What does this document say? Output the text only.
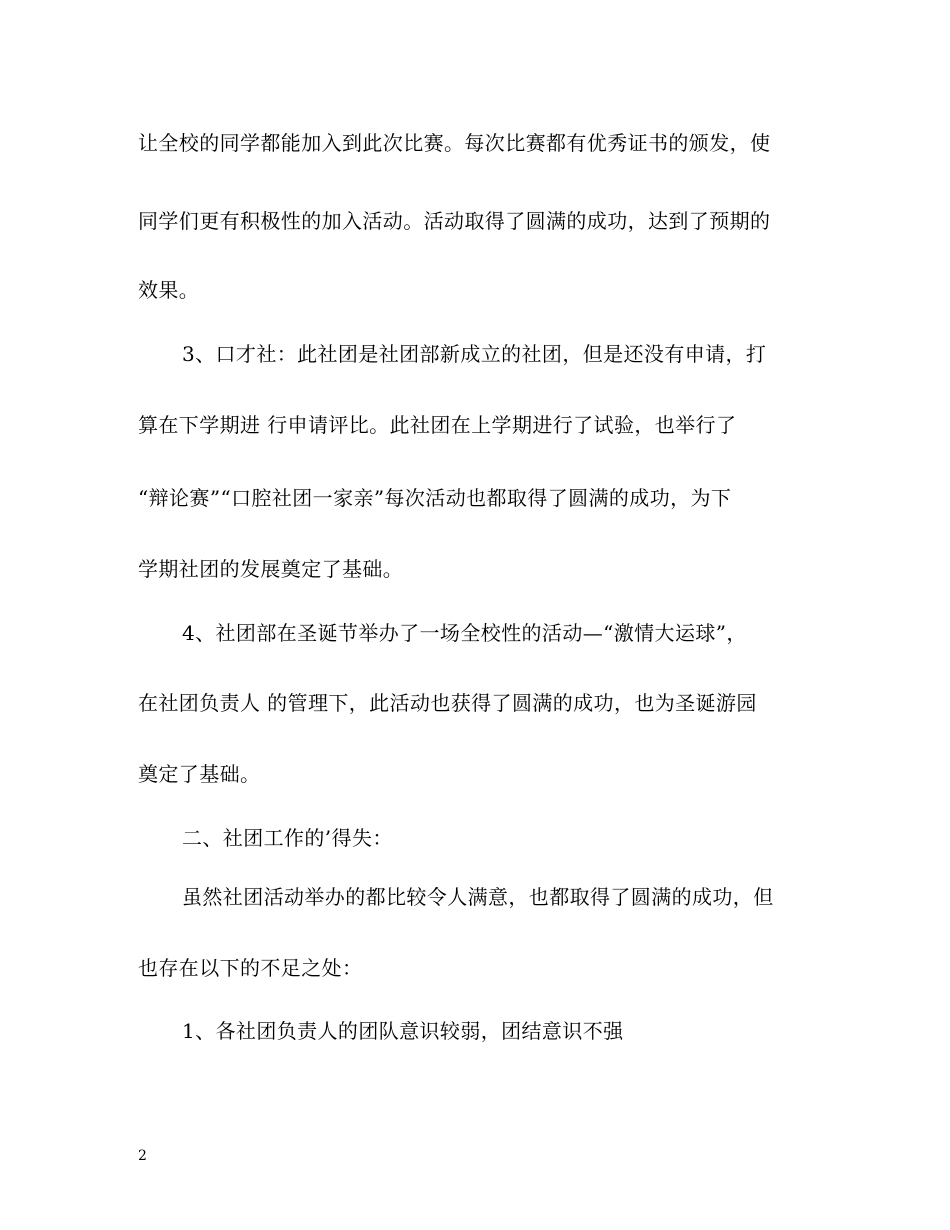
让全校的同学都能加入到此次比赛。每次比赛都有优秀证书的颁发，使

同学们更有积极性的加入活动。活动取得了圆满的成功，达到了预期的

效果。

3、口才社：此社团是社团部新成立的社团，但是还没有申请，打

算在下学期进 行申请评比。此社团在上学期进行了试验，也举行了

“辩论赛”“口腔社团一家亲”每次活动也都取得了圆满的成功，为下

学期社团的发展奠定了基础。

4、社团部在圣诞节举办了一场全校性的活动—“激情大运球”，

在社团负责人 的管理下，此活动也获得了圆满的成功，也为圣诞游园

奠定了基础。

二、社团工作的’得失：

虽然社团活动举办的都比较令人满意，也都取得了圆满的成功，但

也存在以下的不足之处：

1、各社团负责人的团队意识较弱，团结意识不强

2
